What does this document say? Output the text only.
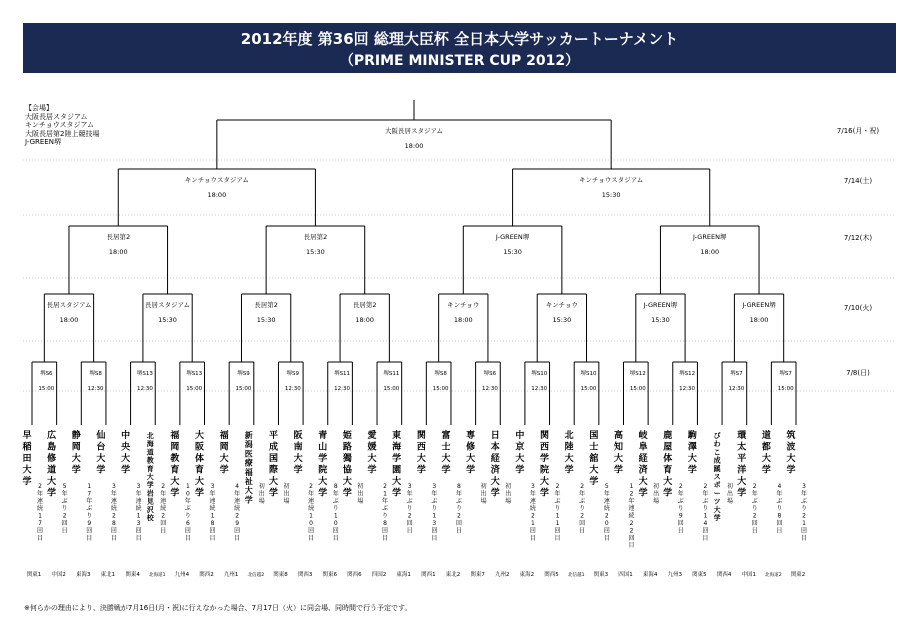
2012年度 第36回 総理大臣杯 全日本大学サッカートーナメント
（PRIME MINISTER CUP 2012）
【会場】
大阪長居スタジアム
キンチョウスタジアム
大阪長居第2陸上競技場
J-GREEN堺
7/8(日)
7/10(火)
7/12(木)
7/14(土)
7/16(月・祝)
堺S6
15:00
堺S8
12:30
堺S13
12:30
堺S13
15:00
堺S9
15:00
堺S9
12:30
堺S11
12:30
堺S11
15:00
堺S8
15:00
堺S6
12:30
堺S10
12:30
堺S10
15:00
堺S12
15:00
堺S12
12:30
堺S7
12:30
堺S7
15:00
長居スタジアム
18:00
長居スタジアム
15:30
長居第2
15:30
長居第2
18:00
キンチョウ
18:00
キンチョウ
15:30
J-GREEN堺
15:30
J-GREEN堺
18:00
長居第2
18:00
長居第2
15:30
J-GREEN堺
15:30
J-GREEN堺
18:00
キンチョウスタジアム
18:00
キンチョウスタジアム
15:30
大阪長居スタジアム
18:00
早稲田大学 2 年連続 1 7 回目
関東1
広島修道大学
5 年ぶり 2 回目
中国2
静岡大学
1 7 年ぶり 9 回目
東海3
仙台大学
3 年連続 2 8 回目
東北1
中央大学
3 年連続 1 3 回目
関東4
北海道教育大学岩見沢校
2 年連続 2 回目
北海道1
福岡教育大学
1 0 年ぶり 6 回目
九州4
大阪体育大学
3 年連続 1 8 回目
関西2
福岡大学
4 年連続 2 9 回目
九州1
新潟医療福祉大学
初出場
北信越2
平成国際大学
初出場
関東8
阪南大学
2 年連続 1 0 回目
関西3
青山学院大学
8 年ぶり 1 0 回目
関東6
姫路獨協大学
初出場
関西6
愛媛大学
2 1 年ぶり 8 回目
四国2
東海学園大学
3 年ぶり 2 回目
東海1
関西大学
3 年ぶり 1 3 回目
関西1
富士大学
8 年ぶり 2 回目
東北2
専修大学
初出場
関東7
日本経済大学
初出場
九州2
中京大学
3 年連続 2 1 回目
東海2
関西学院大学
2 年ぶり 1 1 回目
関西5
北陸大学
2 年ぶり 2 回目
北信越1
国士舘大学 5 年連続 2 0 回目
関東3
高知大学
1 2 年連続 2 2 回目
四国1
岐阜経済大学
初出場
東海4
鹿屋体育大学
2 年ぶり 9 回目
九州3
駒澤大学
2 年ぶり 1 4 回目
関東5
びわこ成蹊スポーツ大学
初出場
関西4
環太平洋大学
2 年ぶり 2 回目
中国1
道都大学
4 年ぶり 8 回目
北海道2
筑波大学
3 年ぶり 2 1 回目
関東2
※何らかの理由により、決勝戦が7月16日(月・祝)に行えなかった場合、7月17日（火）に同会場、同時間で行う予定です。
